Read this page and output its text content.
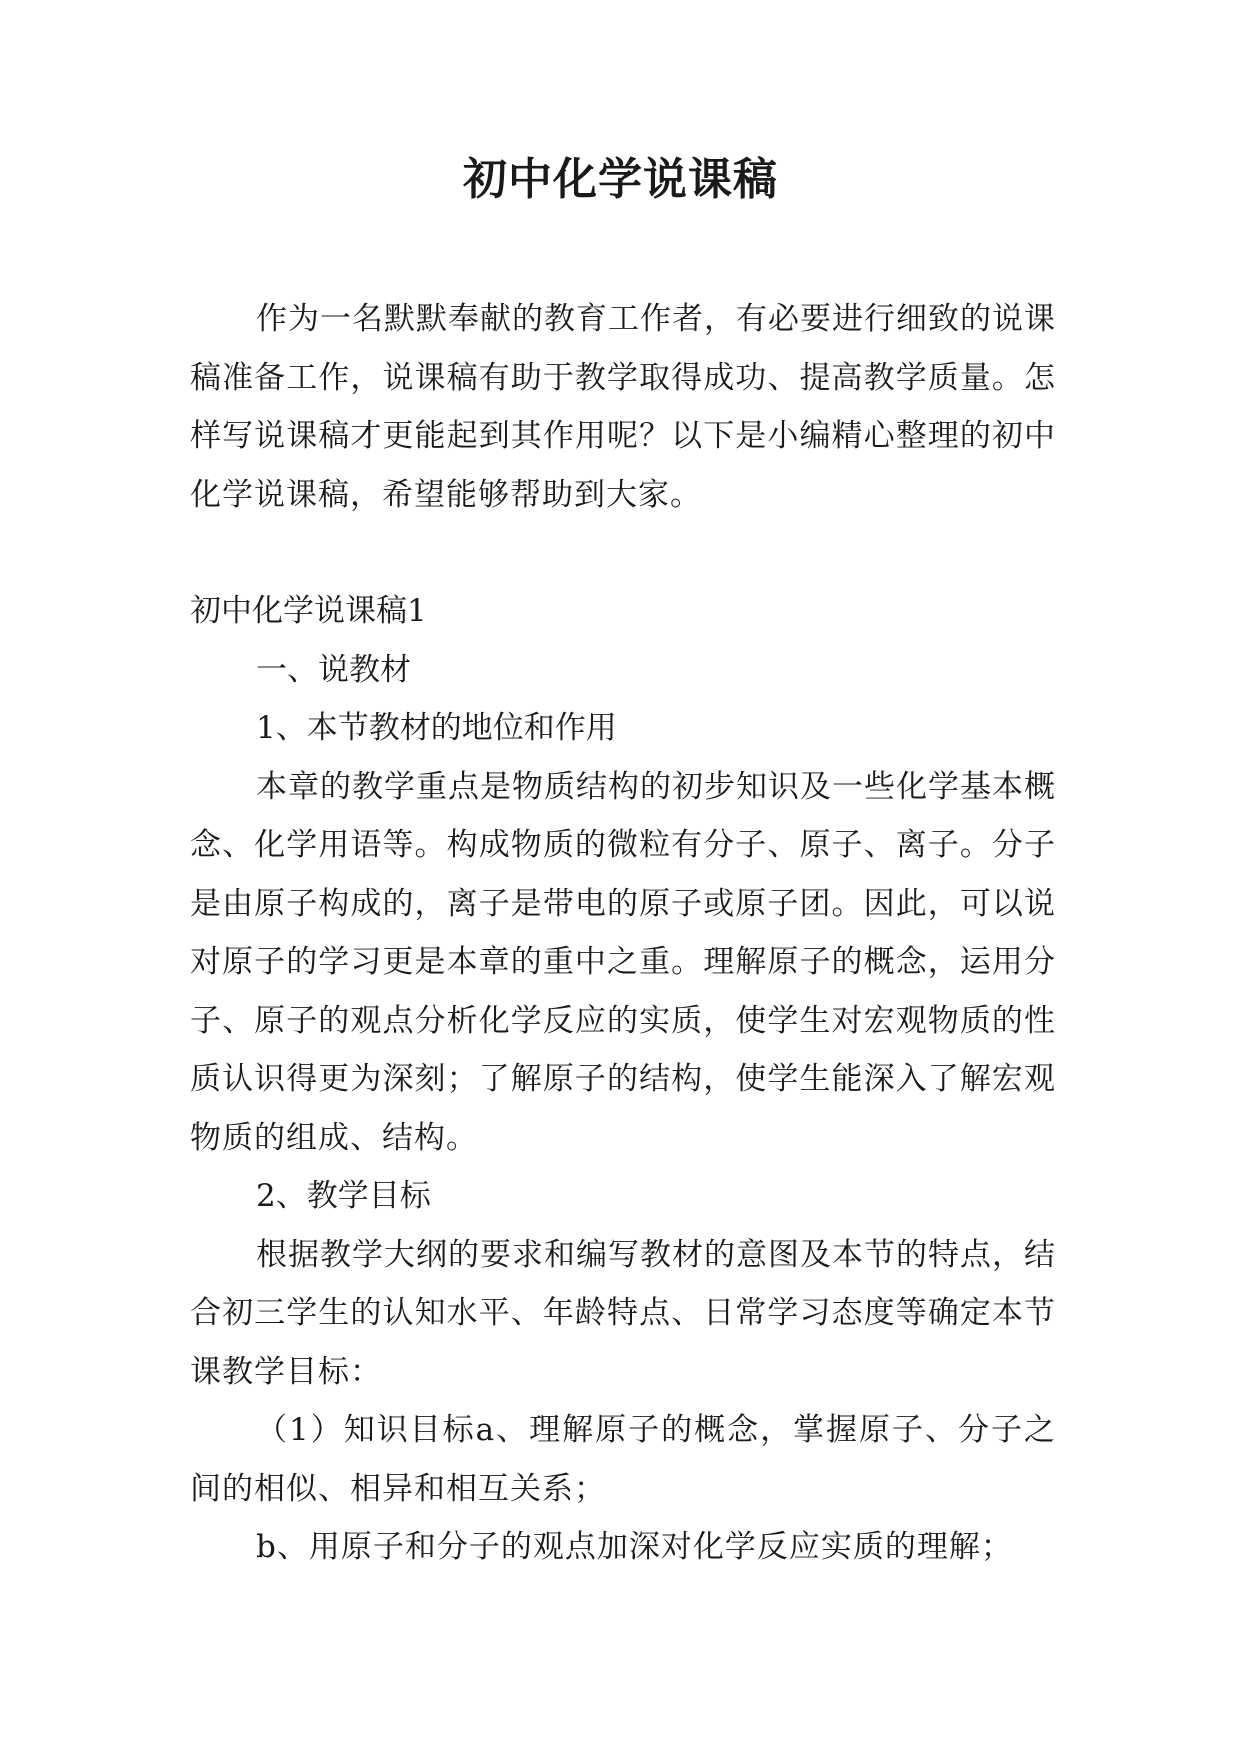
初中化学说课稿

作为一名默默奉献的教育工作者，有必要进行细致的说课稿准备工作，说课稿有助于教学取得成功、提高教学质量。怎样写说课稿才更能起到其作用呢？以下是小编精心整理的初中化学说课稿，希望能够帮助到大家。

初中化学说课稿1

一、说教材

1、本节教材的地位和作用

本章的教学重点是物质结构的初步知识及一些化学基本概念、化学用语等。构成物质的微粒有分子、原子、离子。分子是由原子构成的，离子是带电的原子或原子团。因此，可以说对原子的学习更是本章的重中之重。理解原子的概念，运用分子、原子的观点分析化学反应的实质，使学生对宏观物质的性质认识得更为深刻；了解原子的结构，使学生能深入了解宏观物质的组成、结构。

2、教学目标

根据教学大纲的要求和编写教材的意图及本节的特点，结合初三学生的认知水平、年龄特点、日常学习态度等确定本节课教学目标：

（1）知识目标a、理解原子的概念，掌握原子、分子之间的相似、相异和相互关系；

b、用原子和分子的观点加深对化学反应实质的理解；
